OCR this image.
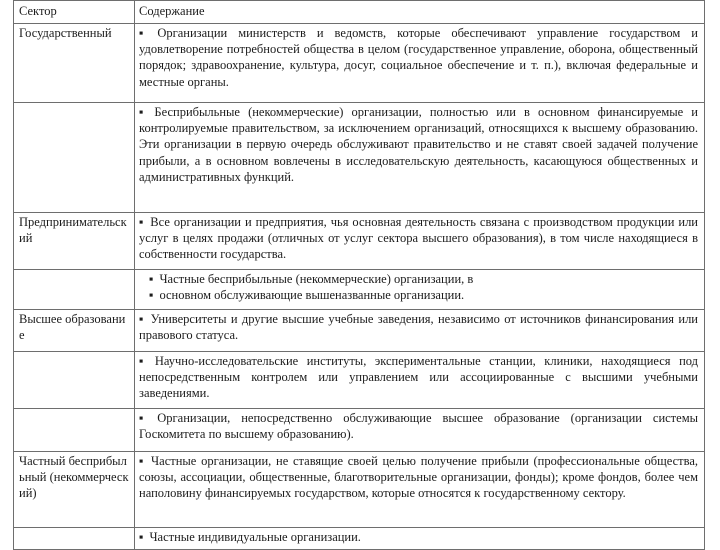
Сектор	Содержание
Государственный	▪ Организации министерств и ведомств, которые обеспечивают управление государством и удовлетворение потребностей общества в целом (государственное управление, оборона, общественный порядок; здравоохранение, культура, досуг, социальное обеспечение и т. п.), включая федеральные и местные органы.
	▪ Бесприбыльные (некоммерческие) организации, полностью или в основном финансируемые и контролируемые правительством, за исключением организаций, относящихся к высшему образованию. Эти организации в первую очередь обслуживают правительство и не ставят своей задачей получение прибыли, а в основном вовлечены в исследовательскую деятельность, касающуюся общественных и административных функций.
Предпринимательский	▪ Все организации и предприятия, чья основная деятельность связана с производством продукции или услуг в целях продажи (отличных от услуг сектора высшего образования), в том числе находящиеся в собственности государства.

	▪ Частные бесприбыльные (некоммерческие) организации, в
▪ основном обслуживающие вышеназванные организации.

Высшее образование	▪ Университеты и другие высшие учебные заведения, независимо от источников финансирования или правового статуса.
	▪ Научно-исследовательские институты, экспериментальные станции, клиники, находящиеся под непосредственным контролем или управлением или ассоциированные с высшими учебными заведениями.
	▪ Организации, непосредственно обслуживающие высшее образование (организации системы Госкомитета по высшему образованию).
Частный бесприбыльный (некоммерческий)	▪ Частные организации, не ставящие своей целью получение прибыли (профессиональные общества, союзы, ассоциации, общественные, благотворительные организации, фонды); кроме фондов, более чем наполовину финансируемых государством, которые относятся к государственному сектору.
	▪ Частные индивидуальные организации.
